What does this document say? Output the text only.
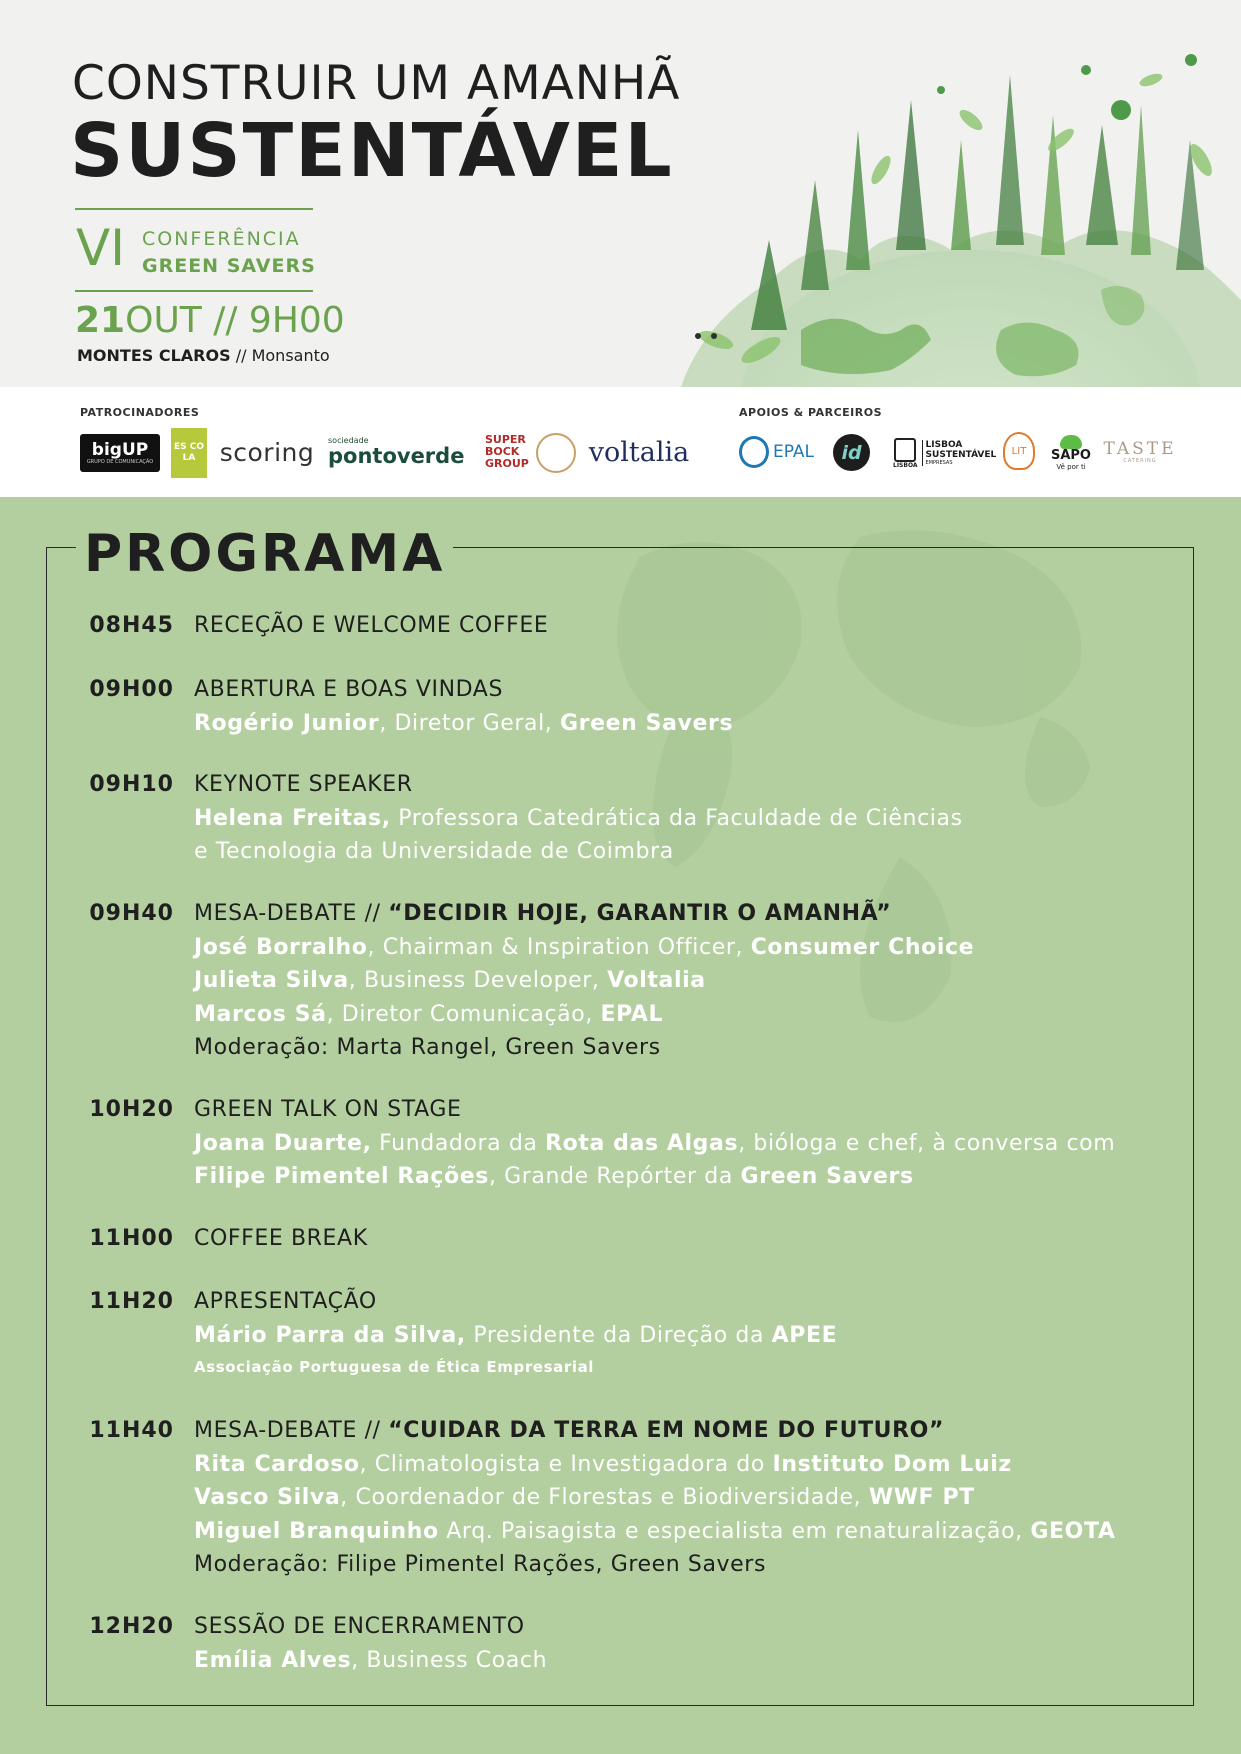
CONSTRUIR UM AMANHÃ
SUSTENTÁVEL
VI CONFERÊNCIA
GREEN SAVERS
21OUT // 9H00
MONTES CLAROS // Monsanto
PATROCINADORES	APOIOS & PARCEIROS
bigUP
GRUPO DE COMUNICAÇÃO
ES CO LA scoring	sociedade
pontoverde
SUPER BOCK GROUP voltalia	EPAL	id
LISBOA
LISBOA SUSTENTÁVEL
EMPRESAS
LIT	SAPO
Vê por ti
TASTE
CATERING
PROGRAMA
08H45 RECEÇÃO E WELCOME COFFEE
09H00 ABERTURA E BOAS VINDAS
Rogério Junior, Diretor Geral, Green Savers
09H10 KEYNOTE SPEAKER
Helena Freitas, Professora Catedrática da Faculdade de Ciências
e Tecnologia da Universidade de Coimbra
09H40 MESA-DEBATE // “DECIDIR HOJE, GARANTIR O AMANHÃ”
José Borralho, Chairman & Inspiration Officer, Consumer Choice
Julieta Silva, Business Developer, Voltalia
Marcos Sá, Diretor Comunicação, EPAL
Moderação: Marta Rangel, Green Savers
10H20 GREEN TALK ON STAGE
Joana Duarte, Fundadora da Rota das Algas, bióloga e chef, à conversa com
Filipe Pimentel Rações, Grande Repórter da Green Savers
11H00 COFFEE BREAK
11H20 APRESENTAÇÃO
Mário Parra da Silva, Presidente da Direção da APEE
Associação Portuguesa de Ética Empresarial
11H40 MESA-DEBATE // “CUIDAR DA TERRA EM NOME DO FUTURO”
Rita Cardoso, Climatologista e Investigadora do Instituto Dom Luiz
Vasco Silva, Coordenador de Florestas e Biodiversidade, WWF PT
Miguel Branquinho Arq. Paisagista e especialista em renaturalização, GEOTA
Moderação: Filipe Pimentel Rações, Green Savers
12H20 SESSÃO DE ENCERRAMENTO
Emília Alves, Business Coach
